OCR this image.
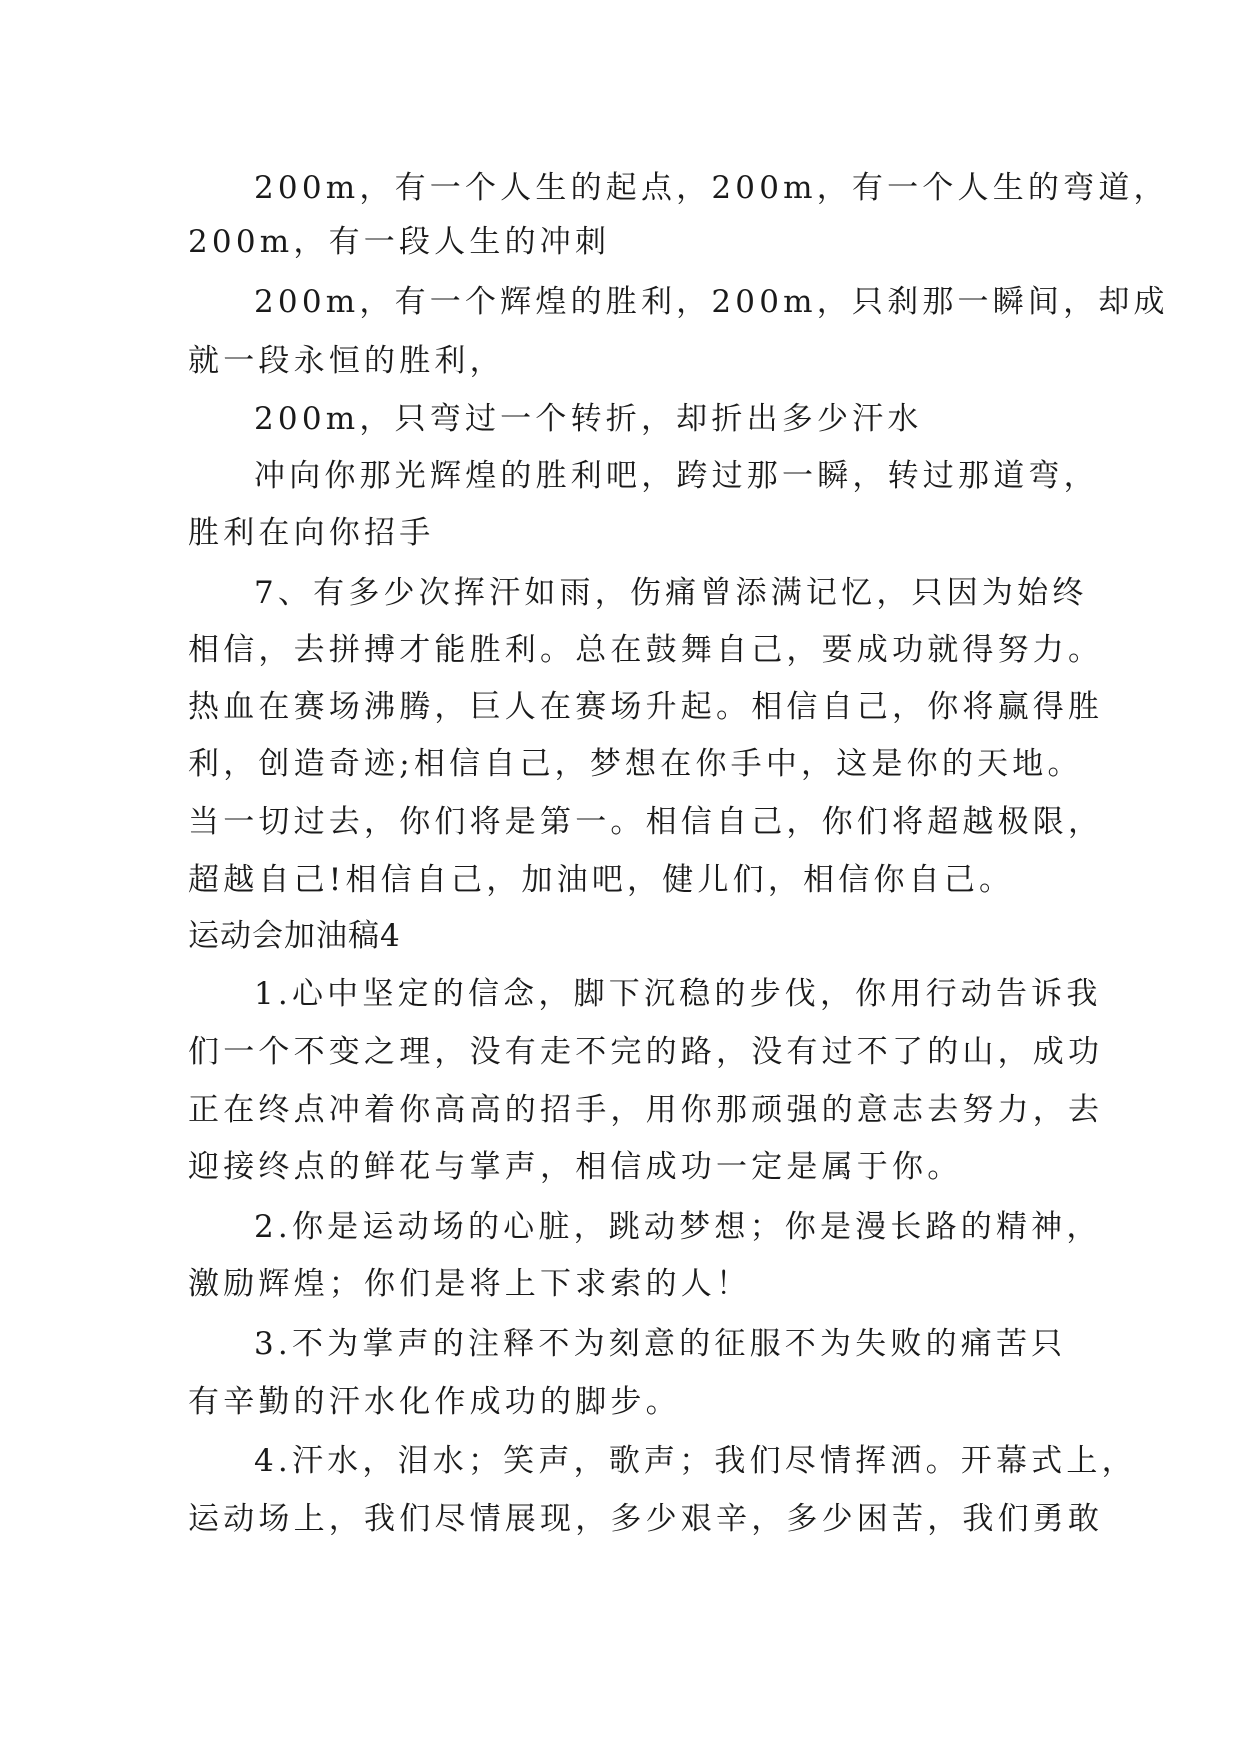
200m，有一个人生的起点，200m，有一个人生的弯道，
200m，有一段人生的冲刺
200m，有一个辉煌的胜利，200m，只刹那一瞬间，却成
就一段永恒的胜利，
200m，只弯过一个转折，却折出多少汗水
冲向你那光辉煌的胜利吧，跨过那一瞬，转过那道弯，
胜利在向你招手
7、有多少次挥汗如雨，伤痛曾添满记忆，只因为始终
相信，去拼搏才能胜利。总在鼓舞自己，要成功就得努力。
热血在赛场沸腾，巨人在赛场升起。相信自己，你将赢得胜
利，创造奇迹;相信自己，梦想在你手中，这是你的天地。
当一切过去，你们将是第一。相信自己，你们将超越极限，
超越自己!相信自己，加油吧，健儿们，相信你自己。
运动会加油稿4
1.心中坚定的信念，脚下沉稳的步伐，你用行动告诉我
们一个不变之理，没有走不完的路，没有过不了的山，成功
正在终点冲着你高高的招手，用你那顽强的意志去努力，去
迎接终点的鲜花与掌声，相信成功一定是属于你。
2.你是运动场的心脏，跳动梦想；你是漫长路的精神，
激励辉煌；你们是将上下求索的人！
3.不为掌声的注释不为刻意的征服不为失败的痛苦只
有辛勤的汗水化作成功的脚步。
4.汗水，泪水；笑声，歌声；我们尽情挥洒。开幕式上，
运动场上，我们尽情展现，多少艰辛，多少困苦，我们勇敢
